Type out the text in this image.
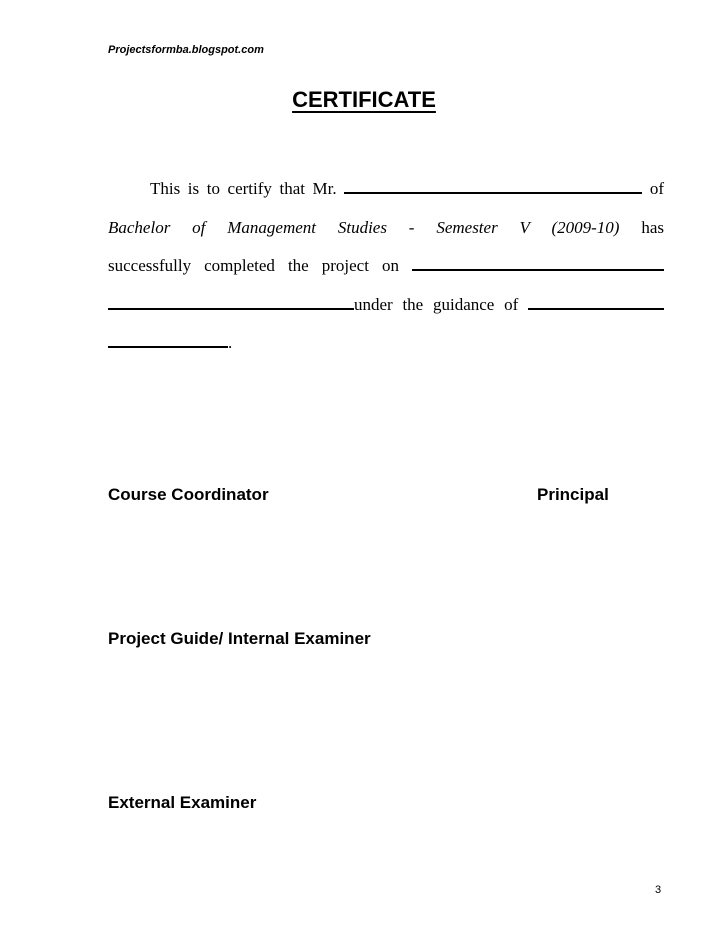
Projectsformba.blogspot.com
CERTIFICATE
This is to certify that Mr.	of
Bachelor of Management Studies - Semester V (2009-10) has
successfully completed the project on
under the guidance of
.
Course Coordinator	Principal
Project Guide/ Internal Examiner
External Examiner
3
